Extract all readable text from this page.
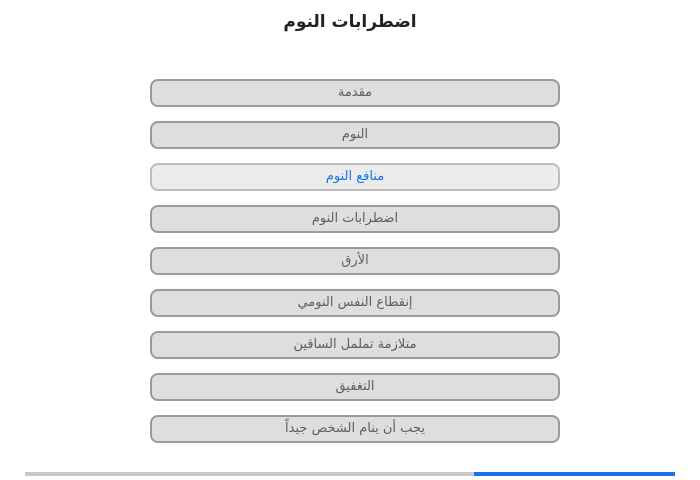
اضطرابات النوم
مقدمة
النوم
منافع النوم
اضطرابات النوم
الأرق
إنقطاع النفس النومي
متلازمة تململ الساقين
التغفيق
يجب أن ينام الشخص جيداً
